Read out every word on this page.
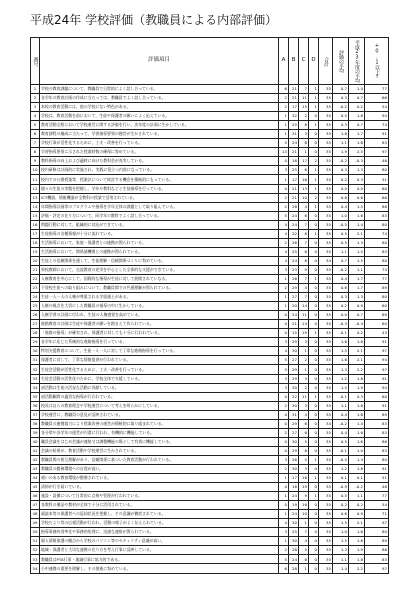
平成24年 学校評価（教職員による内部評価）
番号	評価項目	A	B	C	D	合計	評価の平均	平成23年度の平均	+0.1以上↑
1	学校の教育課題について、教職員で日常的によく話し合っている。	6	21	7	1	35	0.7	1.4	77
2	各学年の教育計画の作成に当たっては、教職員でよく話し合っている。	2	21	11	1	35	0.3	0.7	66
3	本校の教育活動には、他の学校にない特色がある。	2	17	15	1	35	-0.2	0.2	54
4	学校は、教育活動を前において、生徒や保護者の願いによく応えている。	1	32	2	0	35	0.5	1.8	94
5	教育活動全般において学校運営に関する評価を行い、次年度の計画に生かしている。	1	25	8	1	35	0.3	0.7	74
6	教育課程の編成に当たって、学習指導要領の趣旨が生かされている。	1	31	3	0	35	1.8	1.7	91
7	学校行事が活性化するために、工夫・改善を行っている。	5	24	6	0	35	1.1	1.6	83
8	学習指導要領に示された授業時数の確保に努めている。	13	21	1	0	35	1.9	2.5	97
9	教科指導の向上および適時に向けた教科会が充実している。	0	16	17	2	35	-0.2	-0.3	46
10	校内研修は計画的に実施され、実践に役立つ内容になっている。	3	25	6	1	35	0.3	1.3	80
11	校内での公開授業等、授業法について検討する機会を積極的にもっている。	1	17	16	1	35	0.2	0.3	51
12	個々の生徒の実態を把握し、学年や教科などと生徒指導を行っている。	0	21	13	1	35	0.0	0.0	60
13	ICT機器、情報機器が全教科の授業で活用されている。	2	21	10	2	35	0.8	0.6	66
14	年間指導計画等のプログラムや指導を学年全体の課題として取り組んでいる。	2	28	4	1	35	0.4	1.5	86
15	評価・評定の在り方について、同学年の教科でよく話し合っている。	5	24	6	0	35	1.0	1.6	83
16	問題行動に対して、組織的に対応ができている。	4	24	7	0	35	-0.5	1.4	80
17	生徒指導の各種情報が十分に流れている。	4	22	8	1	35	0.5	2.1	74
18	生活指導において、家庭・保護者との連携が図られている。	2	26	7	0	35	0.5	1.3	80
19	生活指導において、関係諸機関との連携が図られている。	4	25	6	0	35	1.1	1.5	83
20	生徒との信頼関係を通して、生徒理解・信頼関係づくりに努めている。	4	24	6	0	34	0.7	1.5	80
21	異校教師において、交流教育の充実を中心とした全体的な支援ができている。	3	23	9	0	35	-0.2	1.1	74
22	人権教育を中心にして、国際的な指導が生徒に対して展開されていなる。	1	26	7	1	35	0.4	1.7	77
23	不登校生徒への取り組みについて、教職員間での共通理解が図られている。	2	29	4	0	35	0.6	1.7	89
24	生徒一人一人の人権が尊重される学級風土がある。	1	27	7	0	35	0.3	1.3	80
25	人権の視点を大切にした教職員の指導の中に生かしている。	1	20	14	0	35	0.2	0.9	60
26	人権学習の計画に付われ、生徒の人権感覚を高めている。	0	24	11	0	35	0.0	0.7	69
27	進路教育の計画は生徒や保護者の願いを踏まえて作られている。	0	21	14	0	35	-0.3	-0.4	60
28	「進路の指導」が確実され、保護者に対しても十分に行われている。	0	15	19	1	35	-0.1	0.2	43
29	各学年に応じた系統的な進路指導を行っている。	3	29	3	0	35	1.6	1.8	91
30	特別支援教育について、生徒一人一人に対して丁寧な進路指導を行っている。	4	30	1	0	35	1.5	2.1	97
31	保護者に対して、丁寧な情報提供が行われている。	5	27	2	0	35	1.6	2.1	94
32	生徒会活動が活性化するために、工夫・改善を行っている。	5	29	1	0	35	1.3	2.2	97
33	生徒会活動の活性化のために、学校全体で支援している。	3	29	3	0	35	1.2	1.8	91
34	部活動は生徒の活発な活動に貢献している。	3	30	2	0	35	1.5	1.9	94
35	部活動顧問の適切な指導が行われている。	0	22	11	1	35	-0.1	0.3	60
36	校長は自らの教育理念や学校運営について考えを明らかにしている。	2	30	3	0	35	1.1	1.8	91
37	学校運営に、教職員の意見が反映されている。	0	31	4	0	35	0.4	1.6	89
38	教職員の連携協力により授業改善の運営が積極的に取り組まれている。	0	29	6	0	34	-0.2	1.4	83
39	各分掌や各学年の運営が円滑に行われ、有機的に機能している。	2	27	6	0	35	0.4	1.6	83
40	職員会議をはじめ会議が連絡又は調整機能の場として有効に機能している。	0	30	5	0	35	0.5	1.6	86
41	会議の結果が、教育活動や学校運営に生かされている。	0	29	6	0	35	-0.1	1.0	83
42	教職員間の相互理解があり、信頼関係に基づいた教育活動が行われている。	3	26	5	1	35	-0.5	1.4	80
43	教職員の勤務環境への自覚が高い。	2	30	3	0	35	1.2	1.8	91
44	週いのある教育環境が整備されている。	1	17	16	1	35	0.1	0.1	51
45	清掃が行き届いている。	0	16	19	0	35	-0.9	-0.2	46
46	施設・設備について日常的に点検や管理が行われている。	1	24	9	1	35	0.5	1.1	77
47	各教科の備品や教材が全体で十分に活用されている。	0	19	16	0	35	0.2	0.2	54
48	副読本等の保護者への返却状況を把握し、その意識が徹底されている。	1	24	10	0	35	0.6	0.9	71
49	学校だより等の広報活動が行われ、活動の様子がよく伝えられている。	4	30	1	0	35	1.5	2.1	97
50	指導事務的効率化や事務的処理に、迅速な連絡が図られている。	3	25	7	0	35	1.0	1.6	80
51	個人情報保護の観点から学校のパソコン等のセキュリティ意識が高い。	1	30	4	0	35	1.5	1.6	89
52	地域・保護者と大切な連携の在り方を考え行事に反映している。	2	28	5	0	35	1.3	1.9	86
53	教職員はPTA行事・地域行事に協力的である。	5	24	6	0	35	1.1	1.8	83
54	小中連携の重要を理解し、その推進に努めている。	6	28	1	0	35	1.4	2.2	97
